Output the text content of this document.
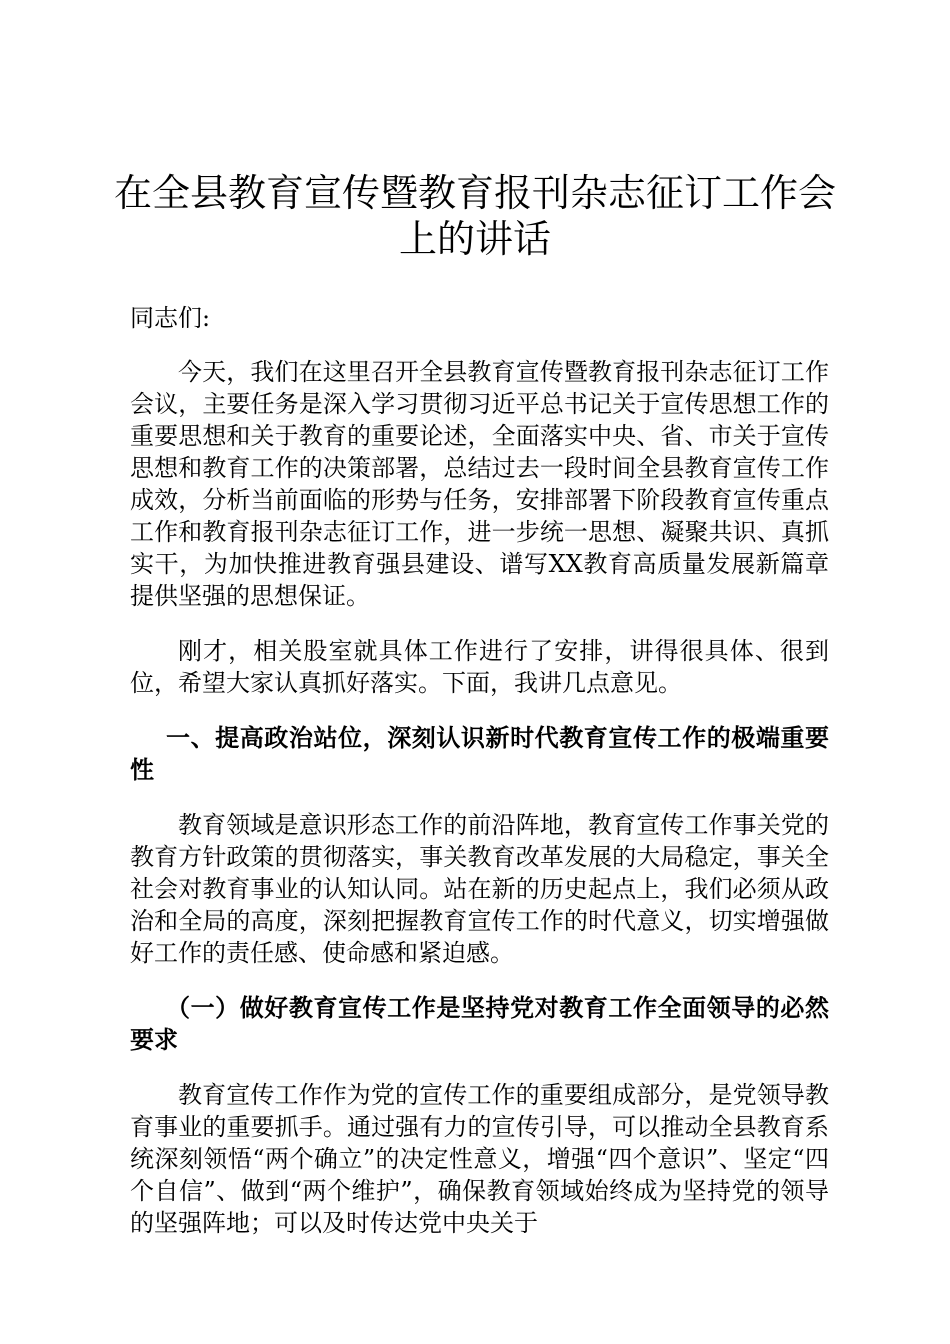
在全县教育宣传暨教育报刊杂志征订工作会上的讲话

同志们:

今天，我们在这里召开全县教育宣传暨教育报刊杂志征订工作会议，主要任务是深入学习贯彻习近平总书记关于宣传思想工作的重要思想和关于教育的重要论述，全面落实中央、省、市关于宣传思想和教育工作的决策部署，总结过去一段时间全县教育宣传工作成效，分析当前面临的形势与任务，安排部署下阶段教育宣传重点工作和教育报刊杂志征订工作，进一步统一思想、凝聚共识、真抓实干，为加快推进教育强县建设、谱写XX教育高质量发展新篇章提供坚强的思想保证。

刚才，相关股室就具体工作进行了安排，讲得很具体、很到位，希望大家认真抓好落实。下面，我讲几点意见。

一、提高政治站位，深刻认识新时代教育宣传工作的极端重要性

教育领域是意识形态工作的前沿阵地，教育宣传工作事关党的教育方针政策的贯彻落实，事关教育改革发展的大局稳定，事关全社会对教育事业的认知认同。站在新的历史起点上，我们必须从政治和全局的高度，深刻把握教育宣传工作的时代意义，切实增强做好工作的责任感、使命感和紧迫感。

（一）做好教育宣传工作是坚持党对教育工作全面领导的必然要求

教育宣传工作作为党的宣传工作的重要组成部分，是党领导教育事业的重要抓手。通过强有力的宣传引导，可以推动全县教育系统深刻领悟“两个确立”的决定性意义，增强“四个意识”、坚定“四个自信”、做到“两个维护”，确保教育领域始终成为坚持党的领导的坚强阵地；可以及时传达党中央关于
